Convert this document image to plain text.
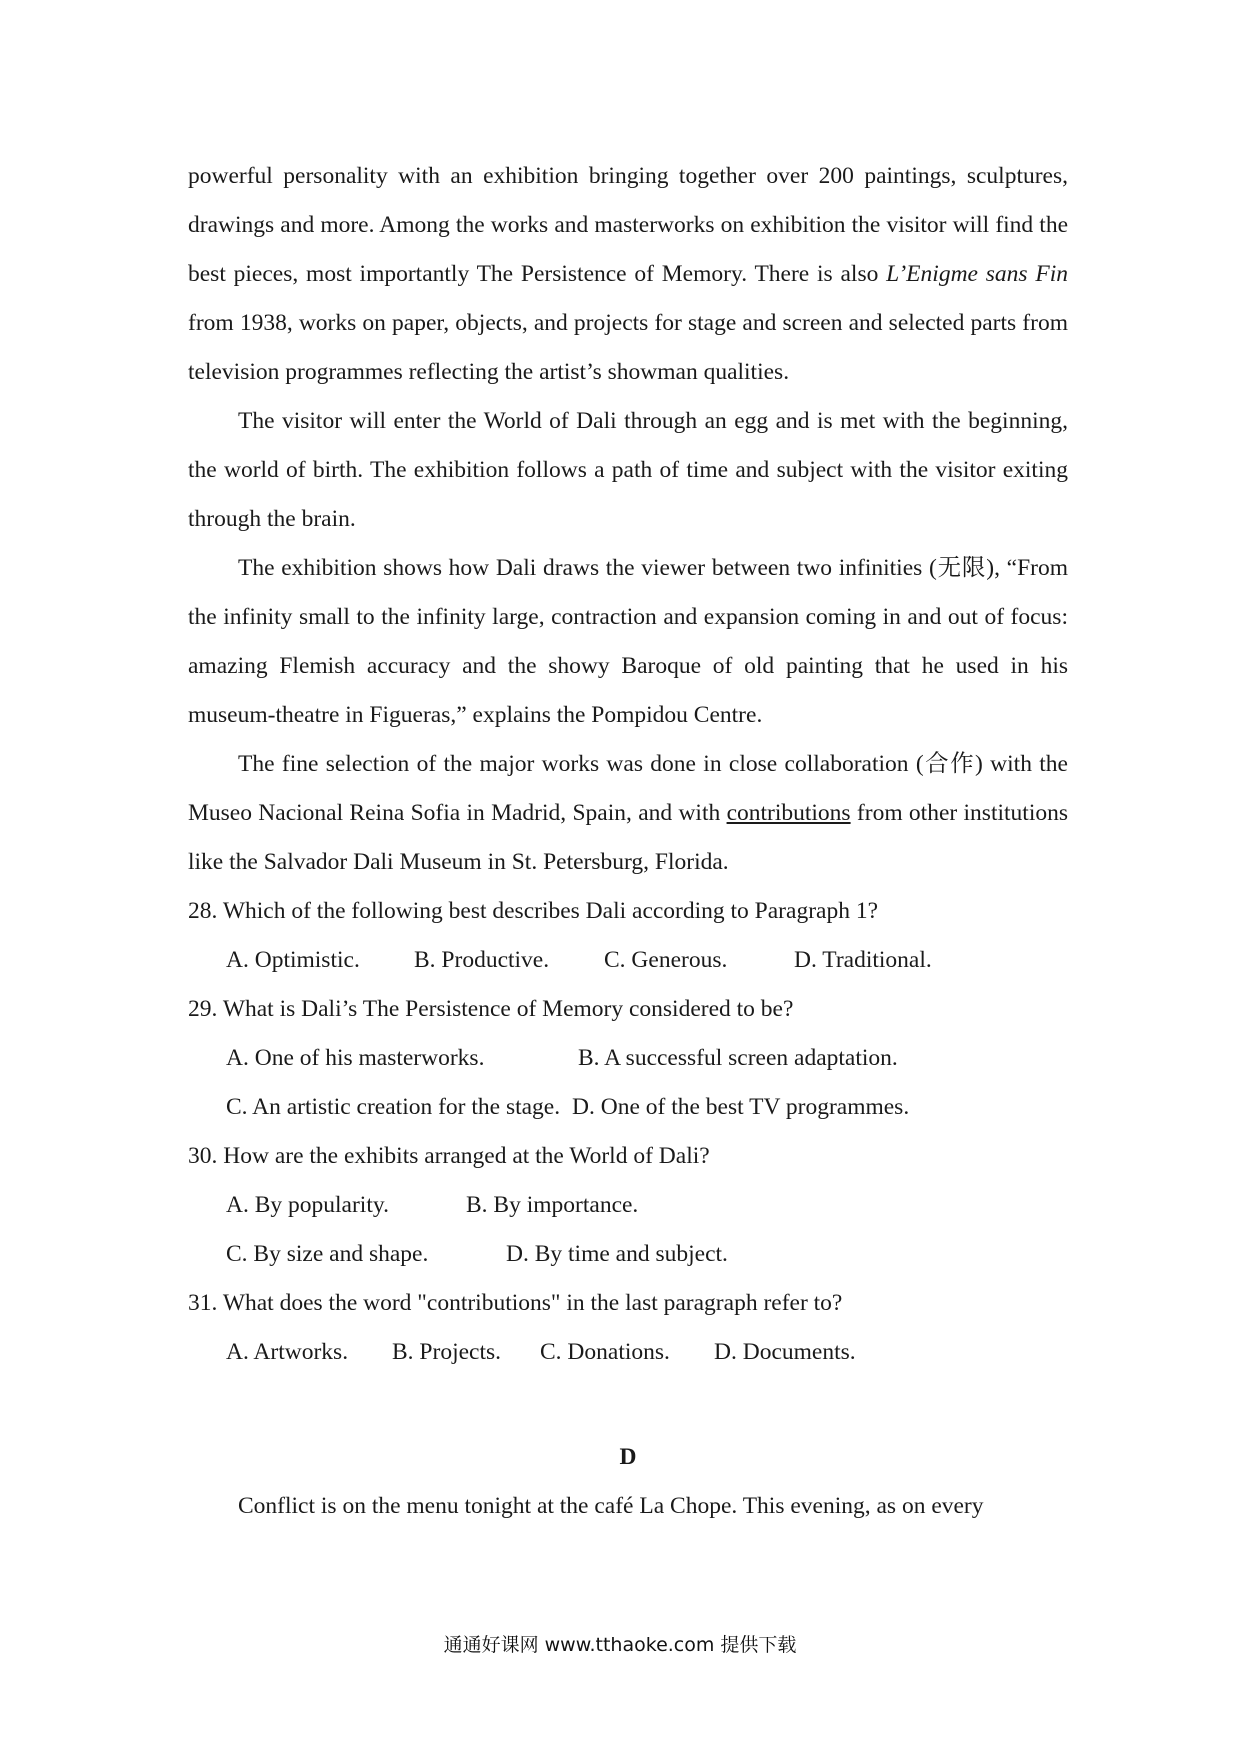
powerful personality with an exhibition bringing together over 200 paintings, sculptures, drawings and more. Among the works and masterworks on exhibition the visitor will find the best pieces, most importantly The Persistence of Memory. There is also L’Enigme sans Fin from 1938, works on paper, objects, and projects for stage and screen and selected parts from television programmes reflecting the artist’s showman qualities.

The visitor will enter the World of Dali through an egg and is met with the beginning, the world of birth. The exhibition follows a path of time and subject with the visitor exiting through the brain.

The exhibition shows how Dali draws the viewer between two infinities (无限), “From the infinity small to the infinity large, contraction and expansion coming in and out of focus: amazing Flemish accuracy and the showy Baroque of old painting that he used in his museum-theatre in Figueras,” explains the Pompidou Centre.

The fine selection of the major works was done in close collaboration (合作) with the Museo Nacional Reina Sofia in Madrid, Spain, and with contributions from other institutions like the Salvador Dali Museum in St. Petersburg, Florida.

28. Which of the following best describes Dali according to Paragraph 1?
A. Optimistic.	B. Productive.	C. Generous.	D. Traditional.
29. What is Dali’s The Persistence of Memory considered to be?
A. One of his masterworks.	B. A successful screen adaptation.
C. An artistic creation for the stage. D. One of the best TV programmes.
30. How are the exhibits arranged at the World of Dali?
A. By popularity.	B. By importance.
C. By size and shape.	D. By time and subject.
31. What does the word "contributions" in the last paragraph refer to?
A. Artworks.	B. Projects.	C. Donations.	D. Documents.
D

Conflict is on the menu tonight at the café La Chope. This evening, as on every

通通好课网 www.tthaoke.com 提供下载
